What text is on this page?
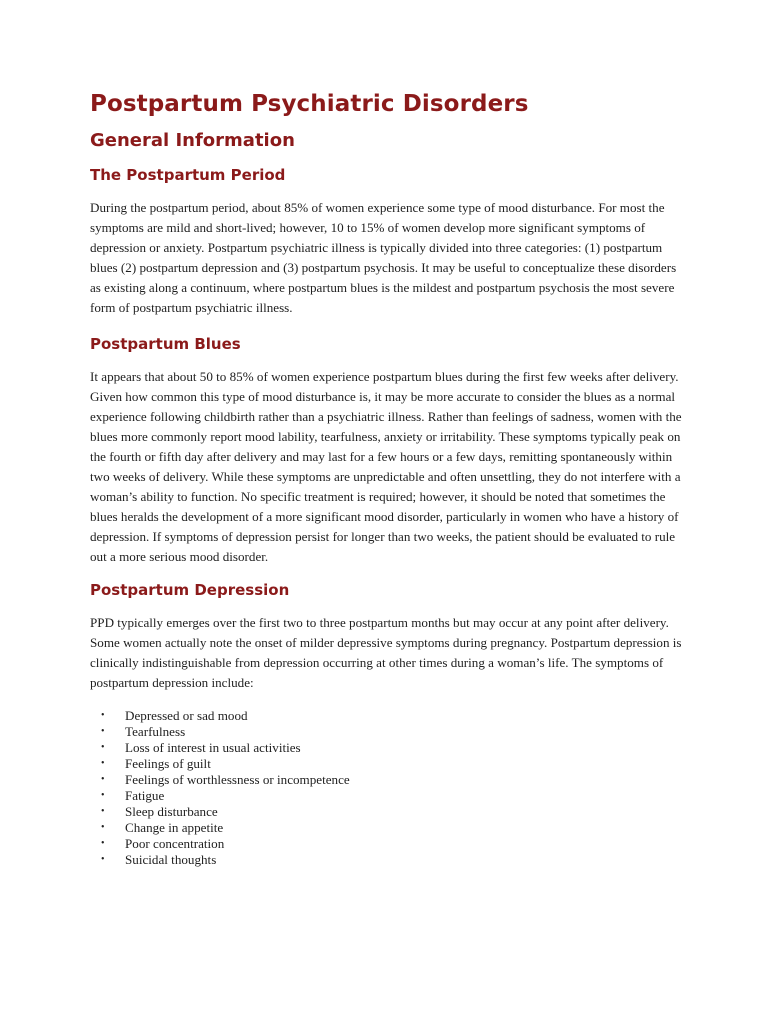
Postpartum Psychiatric Disorders
General Information
The Postpartum Period

During the postpartum period, about 85% of women experience some type of mood disturbance. For most the symptoms are mild and short-lived; however, 10 to 15% of women develop more significant symptoms of depression or anxiety. Postpartum psychiatric illness is typically divided into three categories: (1) postpartum blues (2) postpartum depression and (3) postpartum psychosis. It may be useful to conceptualize these disorders as existing along a continuum, where postpartum blues is the mildest and postpartum psychosis the most severe form of postpartum psychiatric illness.

Postpartum Blues

It appears that about 50 to 85% of women experience postpartum blues during the first few weeks after delivery. Given how common this type of mood disturbance is, it may be more accurate to consider the blues as a normal experience following childbirth rather than a psychiatric illness. Rather than feelings of sadness, women with the blues more commonly report mood lability, tearfulness, anxiety or irritability. These symptoms typically peak on the fourth or fifth day after delivery and may last for a few hours or a few days, remitting spontaneously within two weeks of delivery. While these symptoms are unpredictable and often unsettling, they do not interfere with a woman’s ability to function. No specific treatment is required; however, it should be noted that sometimes the blues heralds the development of a more significant mood disorder, particularly in women who have a history of depression. If symptoms of depression persist for longer than two weeks, the patient should be evaluated to rule out a more serious mood disorder.

Postpartum Depression

PPD typically emerges over the first two to three postpartum months but may occur at any point after delivery. Some women actually note the onset of milder depressive symptoms during pregnancy. Postpartum depression is clinically indistinguishable from depression occurring at other times during a woman’s life. The symptoms of postpartum depression include:

• Depressed or sad mood
• Tearfulness
• Loss of interest in usual activities
• Feelings of guilt
• Feelings of worthlessness or incompetence
• Fatigue
• Sleep disturbance
• Change in appetite
• Poor concentration
• Suicidal thoughts
